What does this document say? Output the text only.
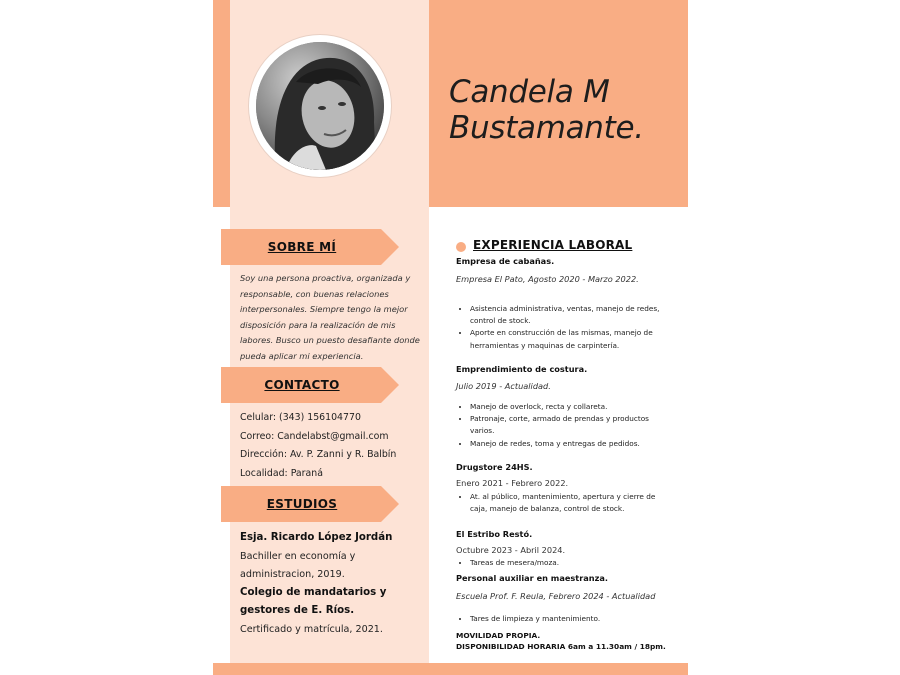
Candela M
Bustamante.
SOBRE MÍ
Soy una persona proactiva, organizada y responsable, con buenas relaciones interpersonales. Siempre tengo la mejor disposición para la realización de mis labores. Busco un puesto desafiante donde pueda aplicar mi experiencia.
CONTACTO
Celular: (343) 156104770
Correo: Candelabst@gmail.com
Dirección: Av. P. Zanni y R. Balbín
Localidad: Paraná
ESTUDIOS
Esja. Ricardo López Jordán
Bachiller en economía y administracion, 2019.
Colegio de mandatarios y gestores de E. Ríos.
Certificado y matrícula, 2021.
EXPERIENCIA LABORAL
Empresa de cabañas.
Empresa El Pato, Agosto 2020 - Marzo 2022.
• Asistencia administrativa, ventas, manejo de redes, control de stock.
• Aporte en construcción de las mismas, manejo de herramientas y maquinas de carpintería.
Emprendimiento de costura.
Julio 2019 - Actualidad.
• Manejo de overlock, recta y collareta.
• Patronaje, corte, armado de prendas y productos varios.
• Manejo de redes, toma y entregas de pedidos.
Drugstore 24HS.
Enero 2021 - Febrero 2022.
• At. al público, mantenimiento, apertura y cierre de caja, manejo de balanza, control de stock.
El Estribo Restó.
Octubre 2023 - Abril 2024.
• Tareas de mesera/moza.
Personal auxiliar en maestranza.
Escuela Prof. F. Reula, Febrero 2024 - Actualidad
• Tares de limpieza y mantenimiento.
MOVILIDAD PROPIA.
DISPONIBILIDAD HORARIA 6am a 11.30am / 18pm.
